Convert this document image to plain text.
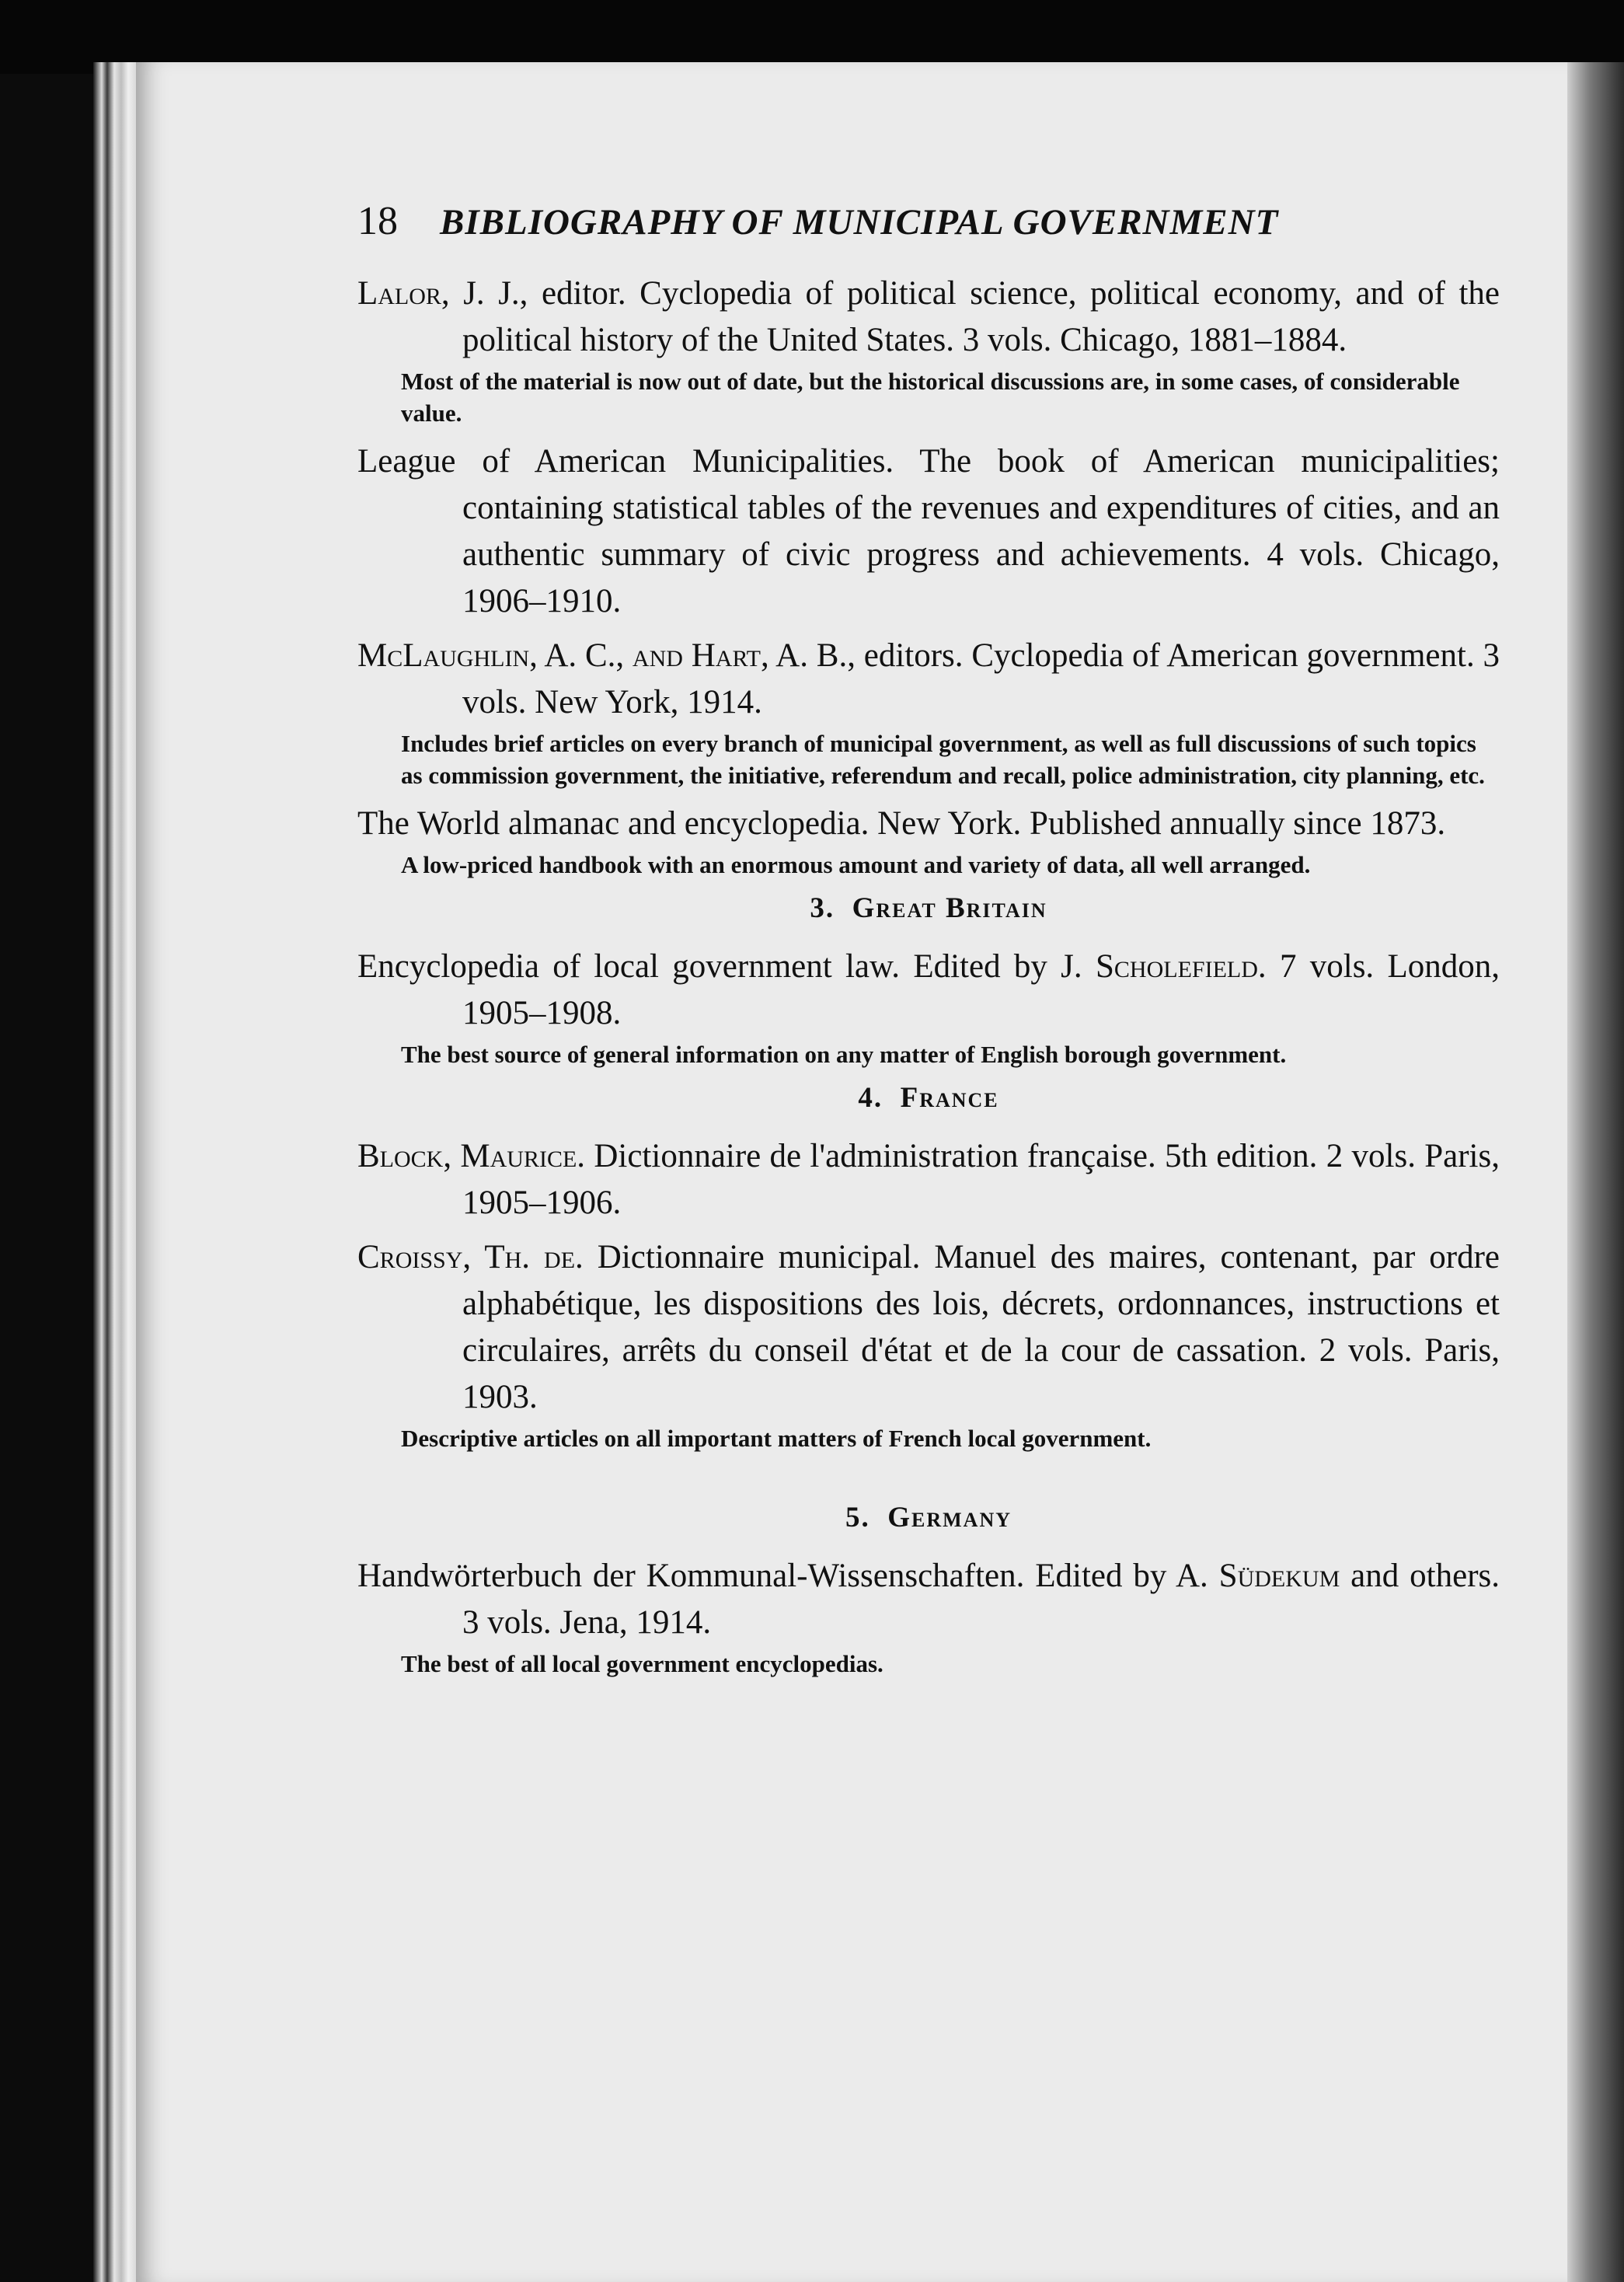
18 BIBLIOGRAPHY OF MUNICIPAL GOVERNMENT
Lalor, J. J., editor. Cyclopedia of political science, political economy, and of the political history of the United States. 3 vols. Chicago, 1881–1884.
Most of the material is now out of date, but the historical discussions are, in some cases, of considerable value.
League of American Municipalities. The book of American municipalities; containing statistical tables of the revenues and expenditures of cities, and an authentic summary of civic progress and achievements. 4 vols. Chicago, 1906–1910.
McLaughlin, A. C., and Hart, A. B., editors. Cyclopedia of American government. 3 vols. New York, 1914.
Includes brief articles on every branch of municipal government, as well as full discussions of such topics as commission government, the initiative, referendum and recall, police administration, city planning, etc.
The World almanac and encyclopedia. New York. Published annually since 1873.
A low-priced handbook with an enormous amount and variety of data, all well arranged.
3. Great Britain
Encyclopedia of local government law. Edited by J. Scholefield. 7 vols. London, 1905–1908.
The best source of general information on any matter of English borough government.
4. France
Block, Maurice. Dictionnaire de l'administration française. 5th edition. 2 vols. Paris, 1905–1906.
Croissy, Th. de. Dictionnaire municipal. Manuel des maires, contenant, par ordre alphabétique, les dispositions des lois, décrets, ordonnances, instructions et circulaires, arrêts du conseil d'état et de la cour de cassation. 2 vols. Paris, 1903.
Descriptive articles on all important matters of French local government.
5. Germany
Handwörterbuch der Kommunal-Wissenschaften. Edited by A. Südekum and others. 3 vols. Jena, 1914.
The best of all local government encyclopedias.
